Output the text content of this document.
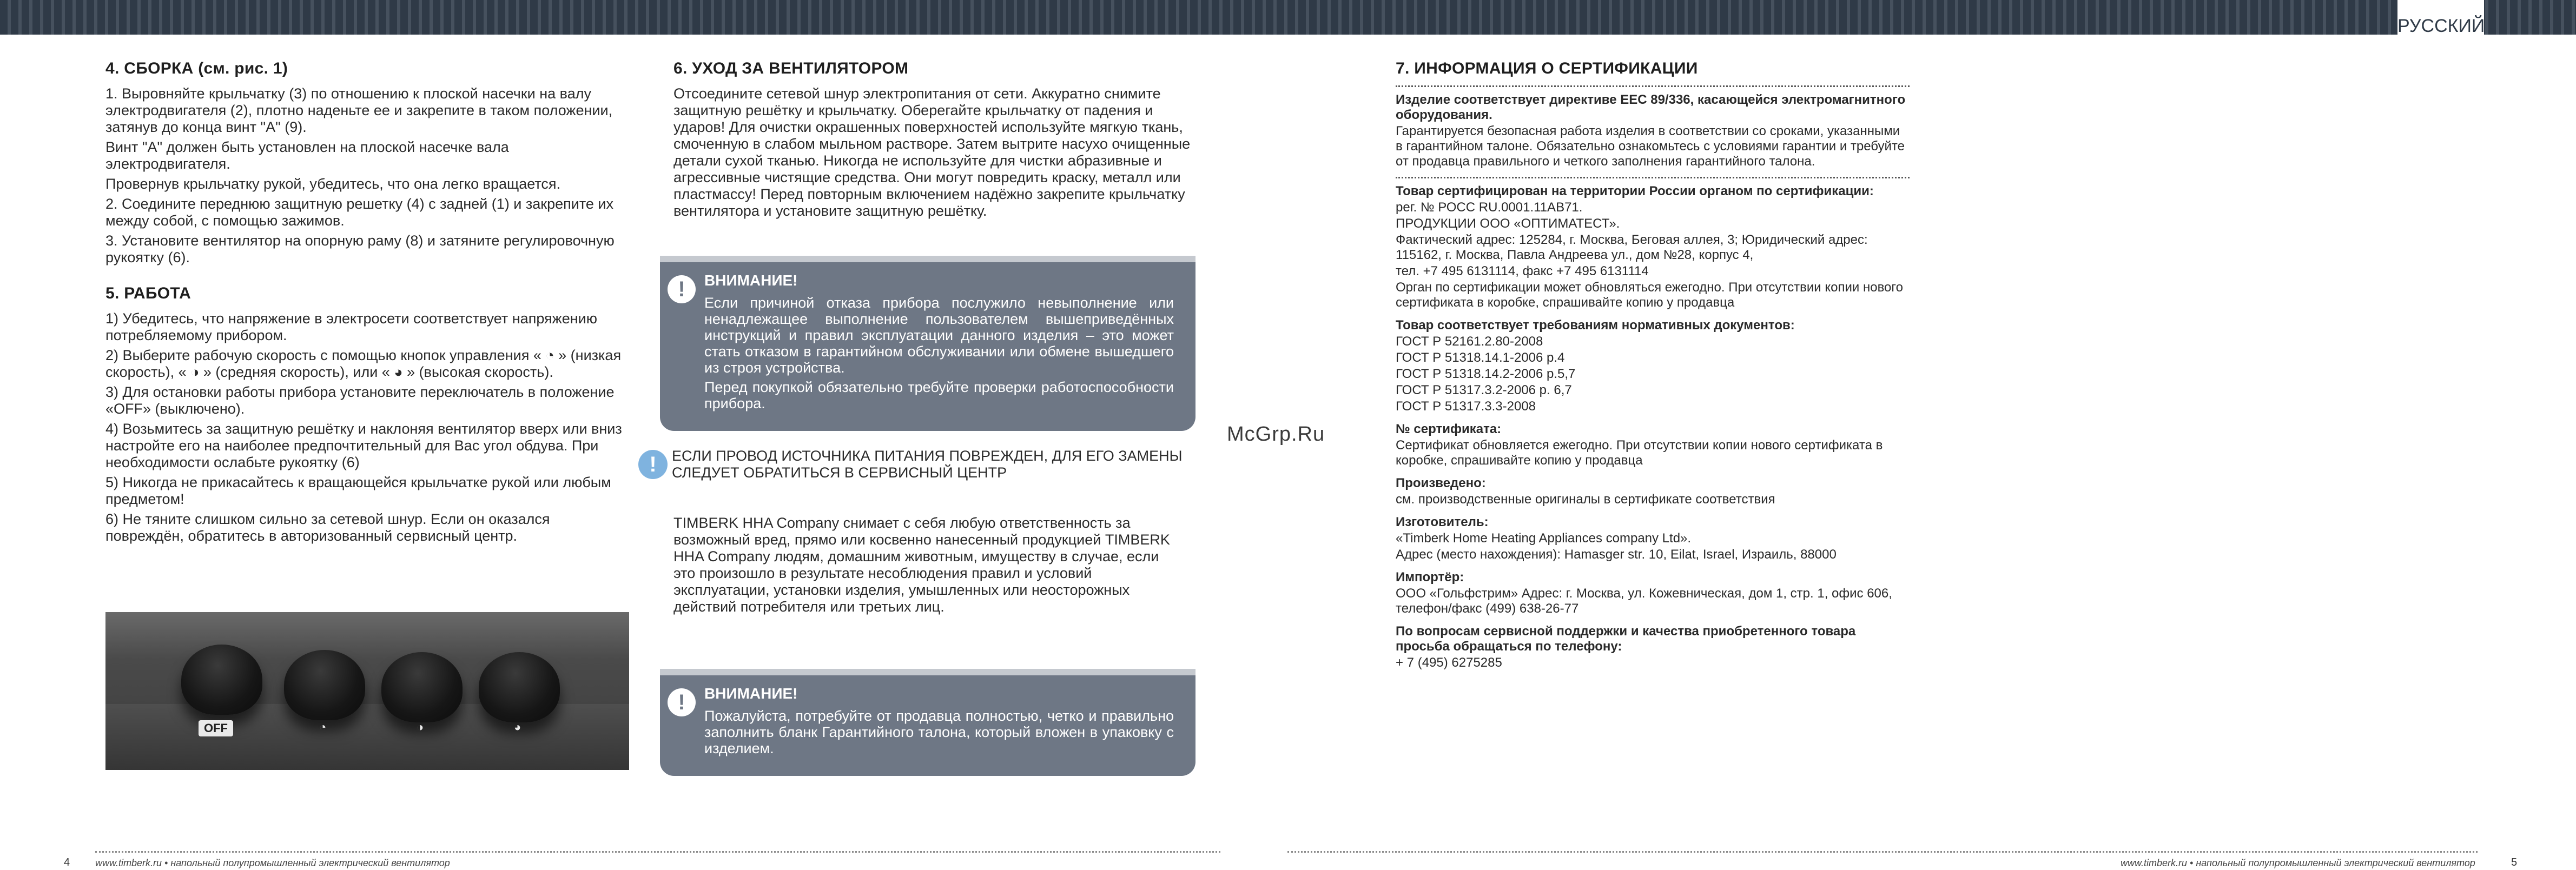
РУССКИЙ
4. СБОРКА (см. рис. 1)

1. Выровняйте крыльчатку (3) по отношению к плоской насечки на валу электродвигателя (2), плотно наденьте ее и закрепите в таком положении, затянув до конца винт "А" (9).

Винт "А" должен быть установлен на плоской насечке вала электродвигателя.

Провернув крыльчатку рукой, убедитесь, что она легко вращается.

2. Соедините переднюю защитную решетку (4) с задней (1) и закрепите их между собой, с помощью зажимов.

3. Установите вентилятор на опорную раму (8) и затяните регулировочную рукоятку (6).

5. РАБОТА

1) Убедитесь, что напряжение в электросети соответствует напряжению потребляемому прибором.

2) Выберите рабочую скорость с помощью кнопок управления « ◔ » (низкая скорость), « ◑ » (средняя скорость), или « ◕ » (высокая скорость).

3) Для остановки работы прибора установите переключатель в положение «OFF» (выключено).

4) Возьмитесь за защитную решётку и наклоняя вентилятор вверх или вниз настройте его на наиболее предпочтительный для Вас угол обдува. При необходимости ослабьте рукоятку (6)

5) Никогда не прикасайтесь к вращающейся крыльчатке рукой или любым предметом!

6) Не тяните слишком сильно за сетевой шнур. Если он оказался повреждён, обратитесь в авторизованный сервисный центр.

OFF	◔	◑	◕
6. УХОД ЗА ВЕНТИЛЯТОРОМ

Отсоедините сетевой шнур электропитания от сети. Аккуратно снимите защитную решётку и крыльчатку. Оберегайте крыльчатку от падения и ударов! Для очистки окрашенных поверхностей используйте мягкую ткань, смоченную в слабом мыльном растворе. Затем вытрите насухо очищенные детали сухой тканью. Никогда не используйте для чистки абразивные и агрессивные чистящие средства. Они могут повредить краску, металл или пластмассу! Перед повторным включением надёжно закрепите крыльчатку вентилятора и установите защитную решётку.

!	ВНИМАНИЕ!

Если причиной отказа прибора послужило невыполнение или ненадлежащее выполнение пользователем вышеприведённых инструкций и правил эксплуатации данного изделия – это может стать отказом в гарантийном обслуживании или обмене вышедшего из строя устройства.

Перед покупкой обязательно требуйте проверки работоспособности прибора.

!	ЕСЛИ ПРОВОД ИСТОЧНИКА ПИТАНИЯ ПОВРЕЖДЕН, ДЛЯ ЕГО ЗАМЕНЫ СЛЕДУЕТ ОБРАТИТЬСЯ В СЕРВИСНЫЙ ЦЕНТР

TIMBERK HHA Company снимает с себя любую ответственность за возможный вред, прямо или косвенно нанесенный продукцией TIMBERK HHA Company людям, домашним животным, имуществу в случае, если это произошло в результате несоблюдения правил и условий эксплуатации, установки изделия, умышленных или неосторожных действий потребителя или третьих лиц.

!	ВНИМАНИЕ!

Пожалуйста, потребуйте от продавца полностью, четко и правильно заполнить бланк Гарантийного талона, который вложен в упаковку с изделием.

McGrp.Ru
7. ИНФОРМАЦИЯ О СЕРТИФИКАЦИИ

Изделие соответствует директиве EEC 89/336, касающейся электромагнитного оборудования.

Гарантируется безопасная работа изделия в соответствии со сроками, указанными в гарантийном талоне. Обязательно ознакомьтесь с условиями гарантии и требуйте от продавца правильного и четкого заполнения гарантийного талона.

Товар сертифицирован на территории России органом по сертификации:

рег. № РОСС RU.0001.11АВ71.

ПРОДУКЦИИ ООО «ОПТИМАТЕСТ».

Фактический адрес: 125284, г. Москва, Беговая аллея, 3; Юридический адрес: 115162, г. Москва, Павла Андреева ул., дом №28, корпус 4,

тел. +7 495 6131114, факс +7 495 6131114

Орган по сертификации может обновляться ежегодно. При отсутствии копии нового сертификата в коробке, спрашивайте копию у продавца

Товар соответствует требованиям нормативных документов:

ГОСТ Р 52161.2.80-2008

ГОСТ Р 51318.14.1-2006 р.4

ГОСТ Р 51318.14.2-2006 р.5,7

ГОСТ Р 51317.3.2-2006 р. 6,7

ГОСТ Р 51317.3.3-2008

№ сертификата:

Сертификат обновляется ежегодно. При отсутствии копии нового сертификата в коробке, спрашивайте копию у продавца

Произведено:

см. производственные оригиналы в сертификате соответствия

Изготовитель:

«Timberk Home Heating Appliances company Ltd».

Адрес (место нахождения): Hamasger str. 10, Eilat, Israel, Израиль, 88000

Импортёр:

ООО «Гольфстрим» Адрес: г. Москва, ул. Кожевническая, дом 1, стр. 1, офис 606, телефон/факс (499) 638-26-77

По вопросам сервисной поддержки и качества приобретенного товара просьба обращаться по телефону:

+ 7 (495) 6275285

4	www.timberk.ru • напольный полупромышленный электрический вентилятор	www.timberk.ru • напольный полупромышленный электрический вентилятор	5
